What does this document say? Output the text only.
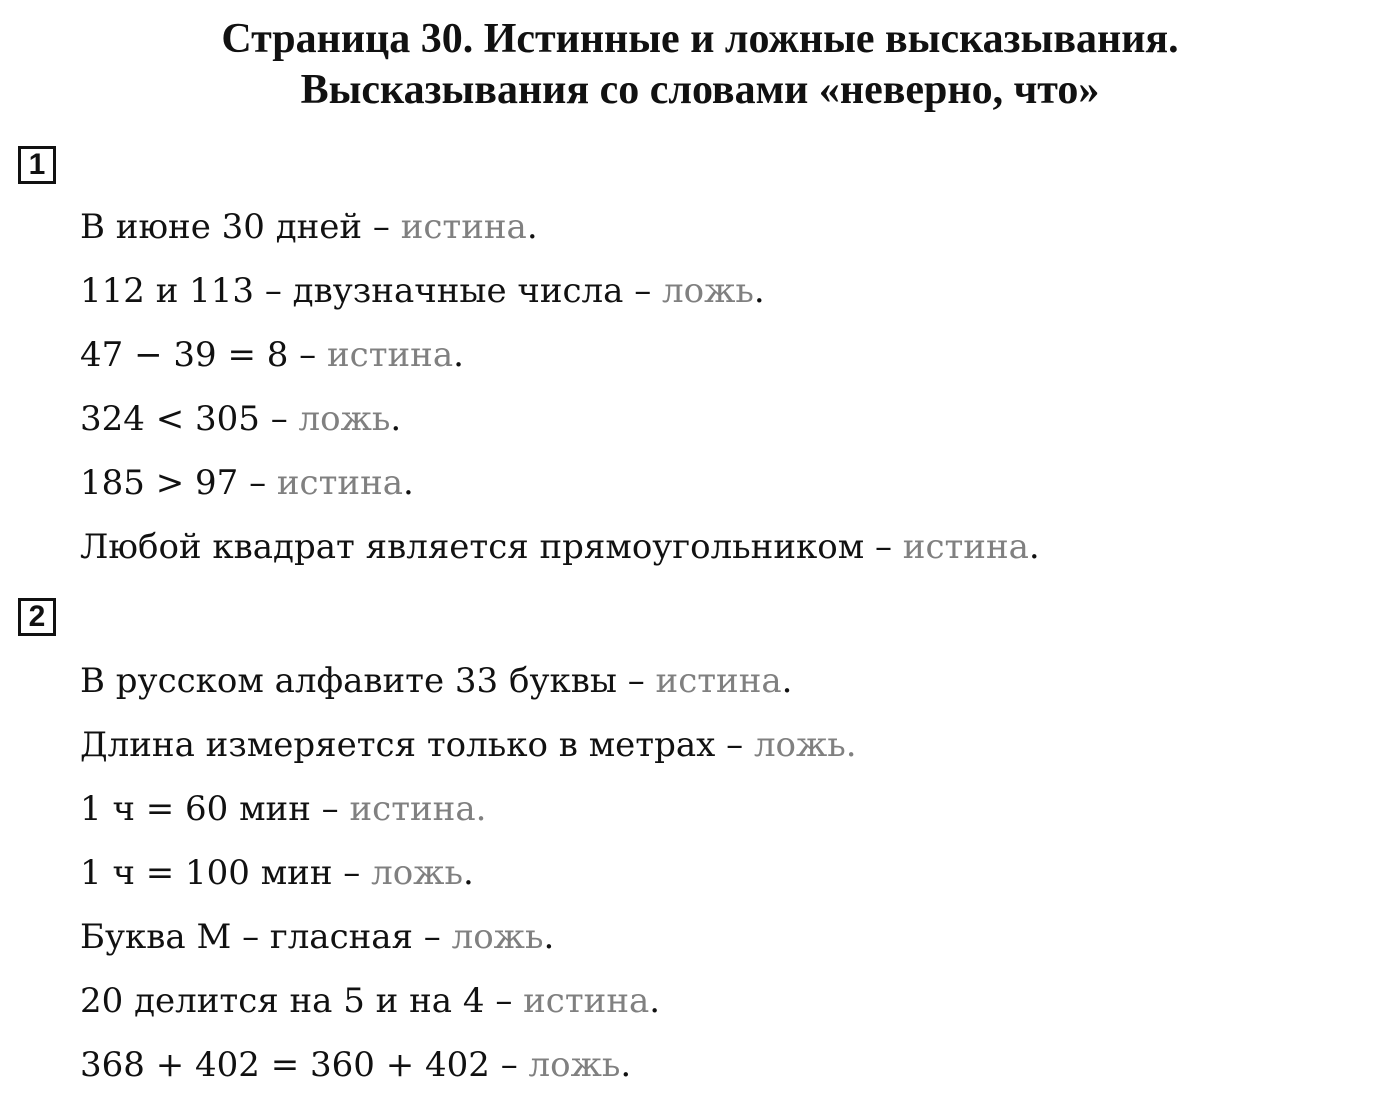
Страница 30. Истинные и ложные высказывания.
Высказывания со словами «неверно, что»
1
В июне 30 дней – истина.
112 и 113 – двузначные числа – ложь.
47 − 39 = 8 – истина.
324 < 305 – ложь.
185 > 97 – истина.
Любой квадрат является прямоугольником – истина.
2
В русском алфавите 33 буквы – истина.
Длина измеряется только в метрах – ложь.
1 ч = 60 мин – истина.
1 ч = 100 мин – ложь.
Буква М – гласная – ложь.
20 делится на 5 и на 4 – истина.
368 + 402 = 360 + 402 – ложь.
